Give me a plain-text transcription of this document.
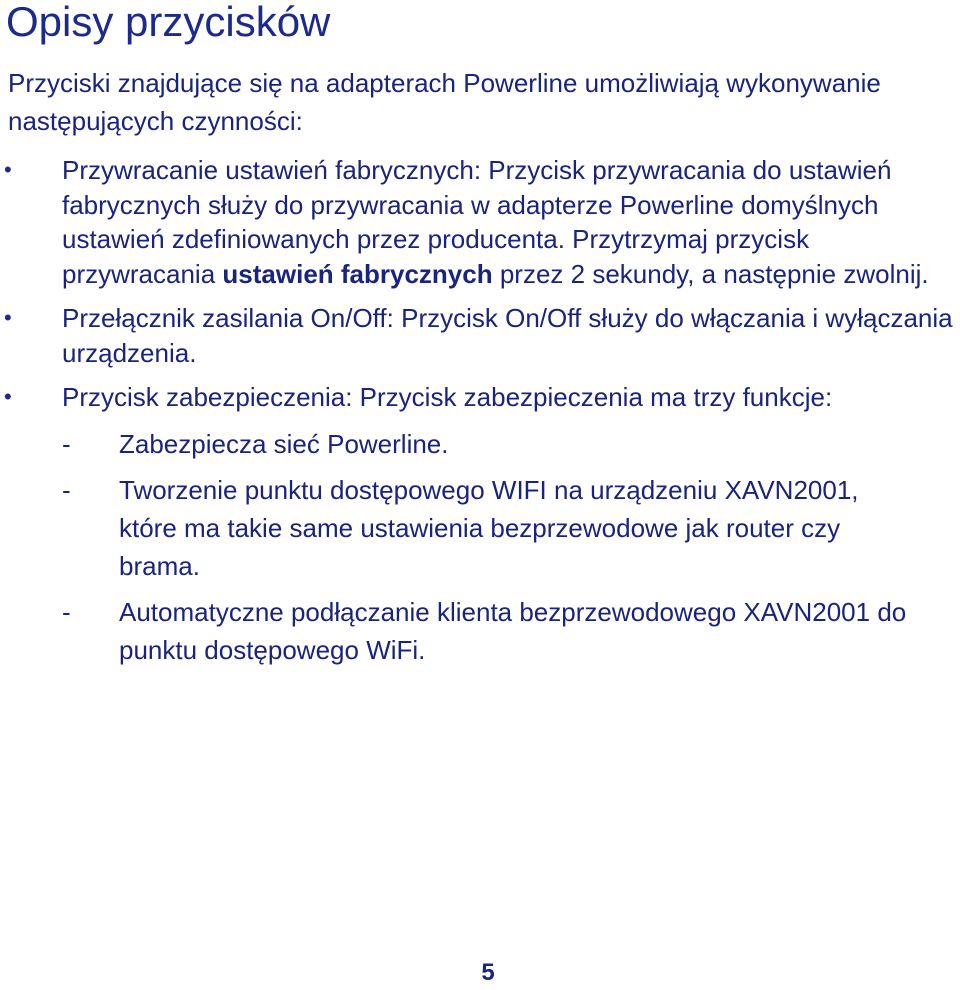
Opisy przycisków

Przyciski znajdujące się na adapterach Powerline umożliwiają wykonywanie następujących czynności:

•	Przywracanie ustawień fabrycznych: Przycisk przywracania do ustawień fabrycznych służy do przywracania w adapterze Powerline domyślnych ustawień zdefiniowanych przez producenta. Przytrzymaj przycisk przywracania ustawień fabrycznych przez 2 sekundy, a następnie zwolnij.
•	Przełącznik zasilania On/Off: Przycisk On/Off służy do włączania i wyłączania urządzenia.
•	Przycisk zabezpieczenia: Przycisk zabezpieczenia ma trzy funkcje:
- Zabezpiecza sieć Powerline.
- Tworzenie punktu dostępowego WIFI na urządzeniu XAVN2001, które ma takie same ustawienia bezprzewodowe jak router czy brama.
- Automatyczne podłączanie klienta bezprzewodowego XAVN2001 do punktu dostępowego WiFi.

5
